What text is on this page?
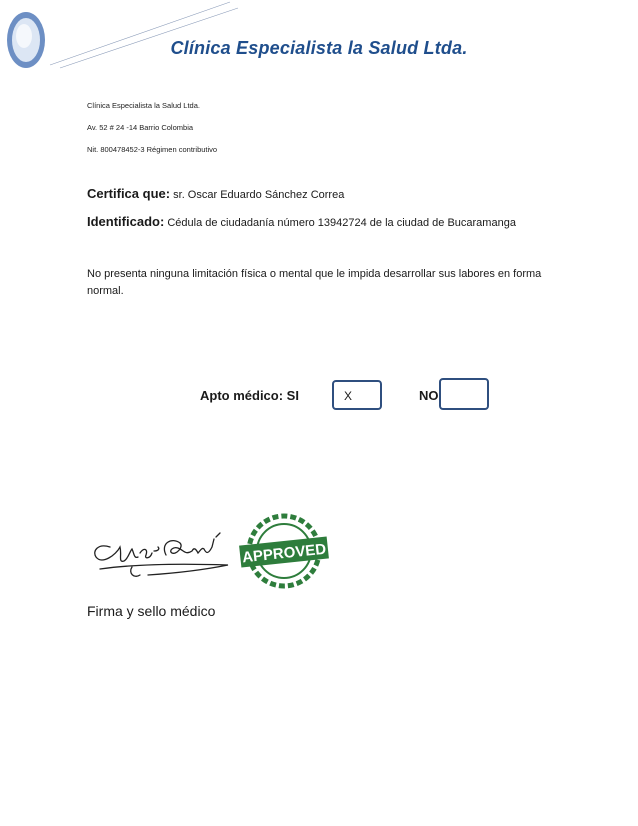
Clínica Especialista la Salud Ltda.
Clínica Especialista la Salud Ltda.
Av. 52 # 24 -14 Barrio Colombia
Nit. 800478452-3 Régimen contributivo
Certifica que: sr. Oscar Eduardo Sánchez Correa
Identificado: Cédula de ciudadanía número 13942724 de la ciudad de Bucaramanga
No presenta ninguna limitación física o mental que le impida desarrollar sus labores en forma normal.
Apto médico: SI	X	NO
APPROVED
Firma y sello médico
